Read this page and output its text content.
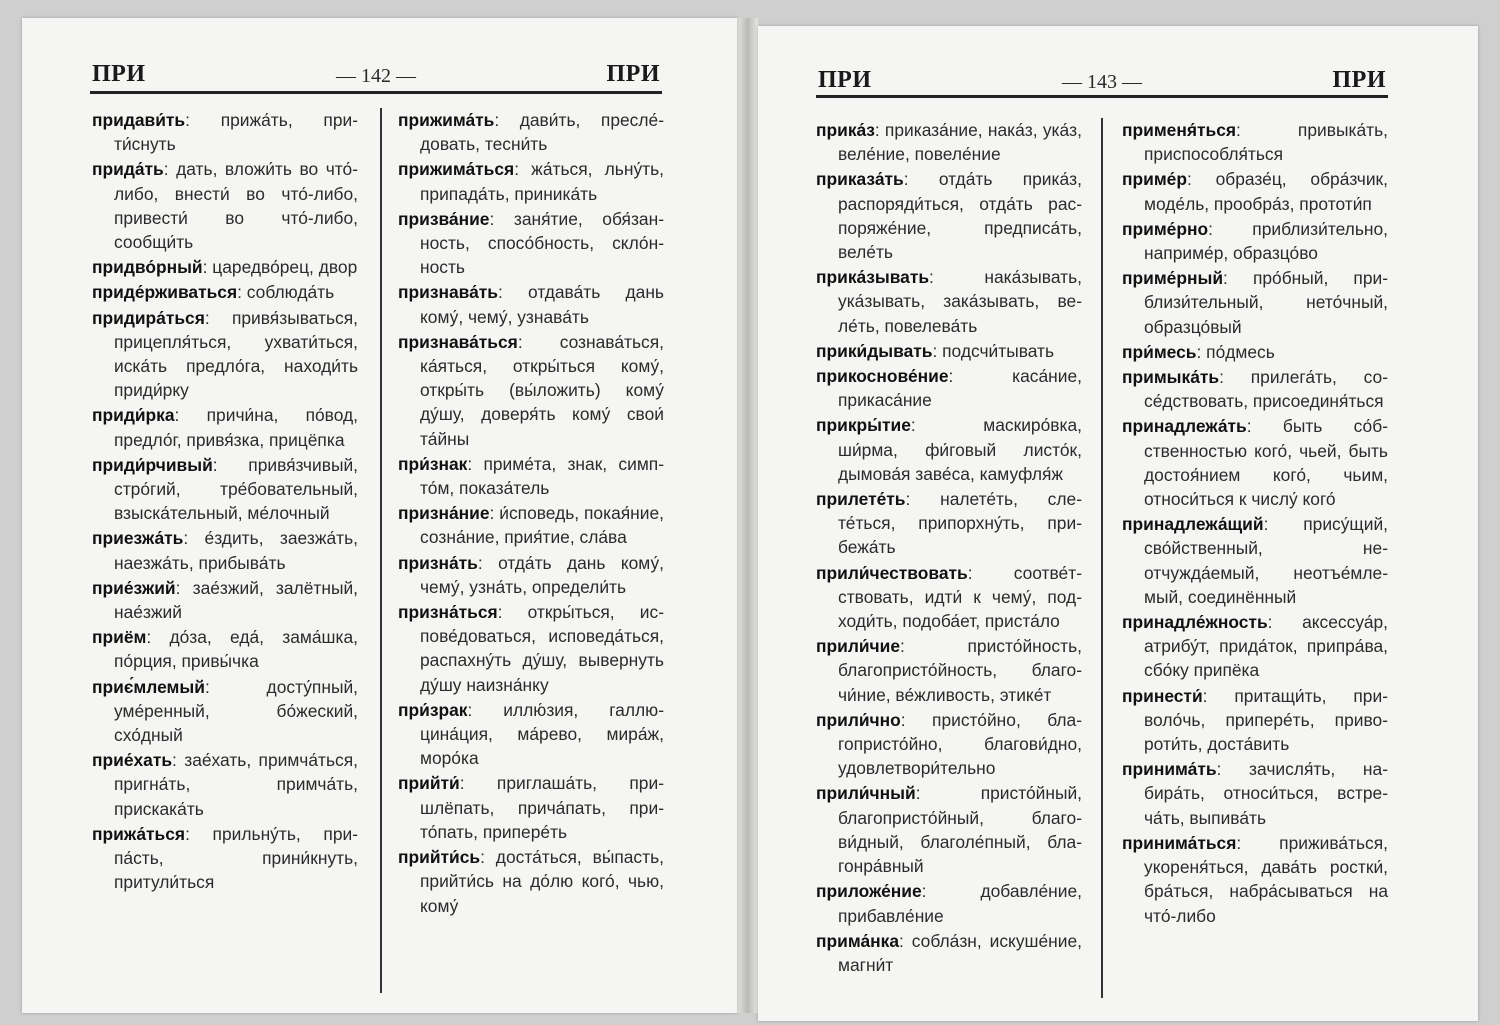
ПРИ	— 142 —	ПРИ
придави́ть: прижа́ть, прити́снуть
прида́ть: дать, вложи́ть во что́-либо, внести́ во что́-либо, привести́ во что́-либо, сообщи́ть
придво́рный: царедво́рец, двор
приде́рживаться: соблюда́ть
придира́ться: привя́зываться, прицепля́ться, ухвати́ться, иска́ть предло́га, находи́ть приди́рку
приди́рка: причи́на, по́вод, предло́г, привя́зка, прицёпка
приди́рчивый: привя́зчивый, стро́гий, тре́бовательный, взыска́тельный, ме́лочный
приезжа́ть: е́здить, заезжа́ть, наезжа́ть, прибыва́ть
прие́зжий: зае́зжий, залётный, нае́зжий
приём: до́за, еда́, зама́шка, по́рция, привы́чка
приє́млемый: досту́пный, уме́ренный, бо́жеский, схо́дный
прие́хать: зае́хать, примча́ться, пригна́ть, примча́ть, прискака́ть
прижа́ться: прильну́ть, припа́сть, прини́кнуть, притули́ться
прижима́ть: дави́ть, пресле́довать, тесни́ть
прижима́ться: жа́ться, льну́ть, припада́ть, приника́ть
призва́ние: заня́тие, обя́занность, спосо́бность, скло́нность
признава́ть: отдава́ть дань кому́, чему́, узнава́ть
признава́ться: сознава́ться, ка́яться, откры́ться кому́, откры́ть (вы́ложить) кому́ ду́шу, доверя́ть кому́ свои́ та́йны
при́знак: приме́та, знак, симпто́м, показа́тель
призна́ние: и́споведь, покая́ние, созна́ние, прия́тие, сла́ва
призна́ть: отда́ть дань кому́, чему́, узна́ть, определи́ть
призна́ться: откры́ться, испове́доваться, исповеда́ться, распахну́ть ду́шу, вывернуть ду́шу наизна́нку
при́зрак: иллю́зия, галлюцина́ция, ма́рево, мира́ж, моро́ка
прийти́: приглаша́ть, пришлёпать, прича́пать, прито́пать, приперéть
прийти́сь: доста́ться, вы́пасть, прийти́сь на до́лю кого́, чью, кому́
ПРИ	— 143 —	ПРИ
прика́з: приказа́ние, нака́з, ука́з, веле́ние, повеле́ние
приказа́ть: отда́ть прика́з, распоряди́ться, отда́ть распоряже́ние, предписа́ть, веле́ть
прика́зывать: нака́зывать, ука́зывать, зака́зывать, веле́ть, повелева́ть
прики́дывать: подсчи́тывать
прикоснове́ние: каса́ние, прикаса́ние
прикры́тие: маскиро́вка, ши́рма, фи́говый листо́к, дымова́я заве́са, камуфля́ж
прилете́ть: налете́ть, слете́ться, припорхну́ть, прибежа́ть
прили́чествовать: соотве́тствовать, идти́ к чему́, подходи́ть, подоба́ет, приста́ло
прили́чие: присто́йность, благопристо́йность, благочи́ние, ве́жливость, этике́т
прили́чно: присто́йно, благопристо́йно, благови́дно, удовлетвори́тельно
прили́чный: присто́йный, благопристо́йный, благови́дный, благоле́пный, благонра́вный
приложе́ние: добавле́ние, прибавле́ние
прима́нка: собла́зн, искуше́ние, магни́т
применя́ться: привыка́ть, приспособля́ться
приме́р: образе́ц, обра́зчик, моде́ль, прообра́з, прототи́п
приме́рно: приблизи́тельно, наприме́р, образцо́во
приме́рный: про́бный, приблизи́тельный, нето́чный, образцо́вый
при́месь: по́дмесь
примыка́ть: прилега́ть, сосе́дствовать, присоединя́ться
принадлежа́ть: быть со́бственностью кого́, чьей, быть достоя́нием кого́, чьим, относи́ться к числу́ кого́
принадлежа́щий: прису́щий, сво́йственный, неотчужда́емый, неотъе́млемый, соединённый
принадле́жность: аксессуа́р, атрибу́т, прида́ток, припра́ва, сбо́ку припёка
принести́: притащи́ть, приволо́чь, приперéть, привороти́ть, доста́вить
принима́ть: зачисля́ть, набира́ть, относи́ться, встреча́ть, выпива́ть
принима́ться: прижива́ться, укореня́ться, дава́ть ростки́, бра́ться, набра́сываться на что́-либо
